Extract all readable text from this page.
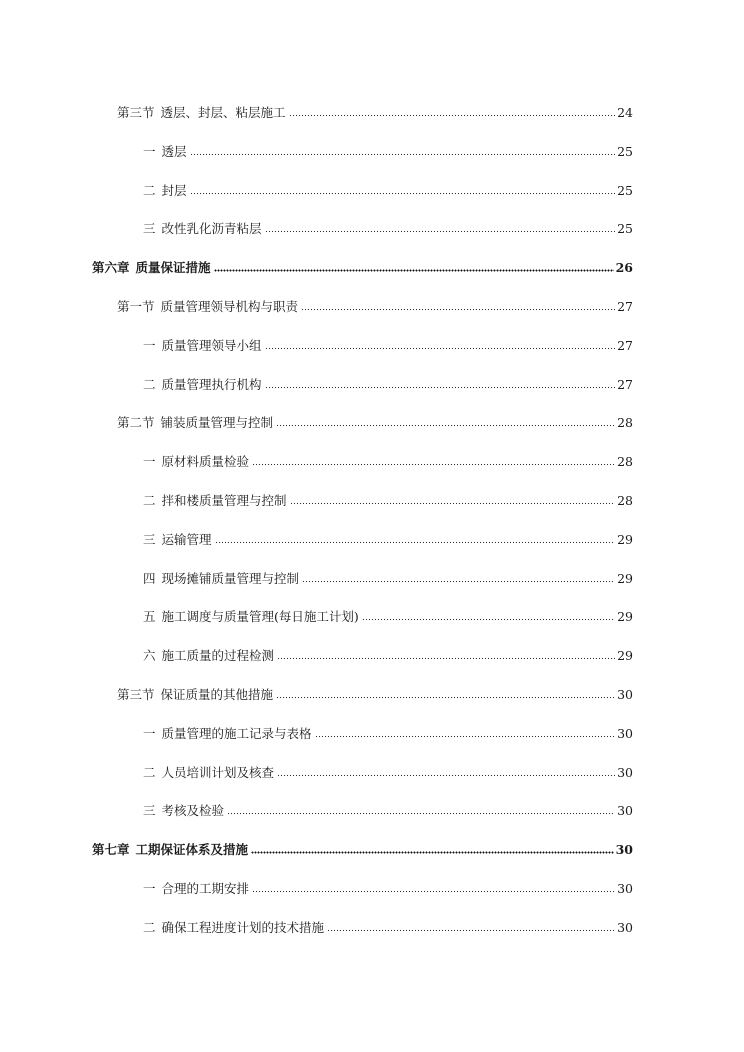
第三节 透层、封层、粘层施工	24
一 透层	25
二 封层	25
三 改性乳化沥青粘层	25
第六章 质量保证措施	26
第一节 质量管理领导机构与职责	27
一 质量管理领导小组	27
二 质量管理执行机构	27
第二节 铺装质量管理与控制	28
一 原材料质量检验	28
二 拌和楼质量管理与控制	28
三 运输管理	29
四 现场摊铺质量管理与控制	29
五 施工调度与质量管理(每日施工计划)	29
六 施工质量的过程检测	29
第三节 保证质量的其他措施	30
一 质量管理的施工记录与表格	30
二 人员培训计划及核查	30
三 考核及检验	30
第七章 工期保证体系及措施	30
一 合理的工期安排	30
二 确保工程进度计划的技术措施	30
